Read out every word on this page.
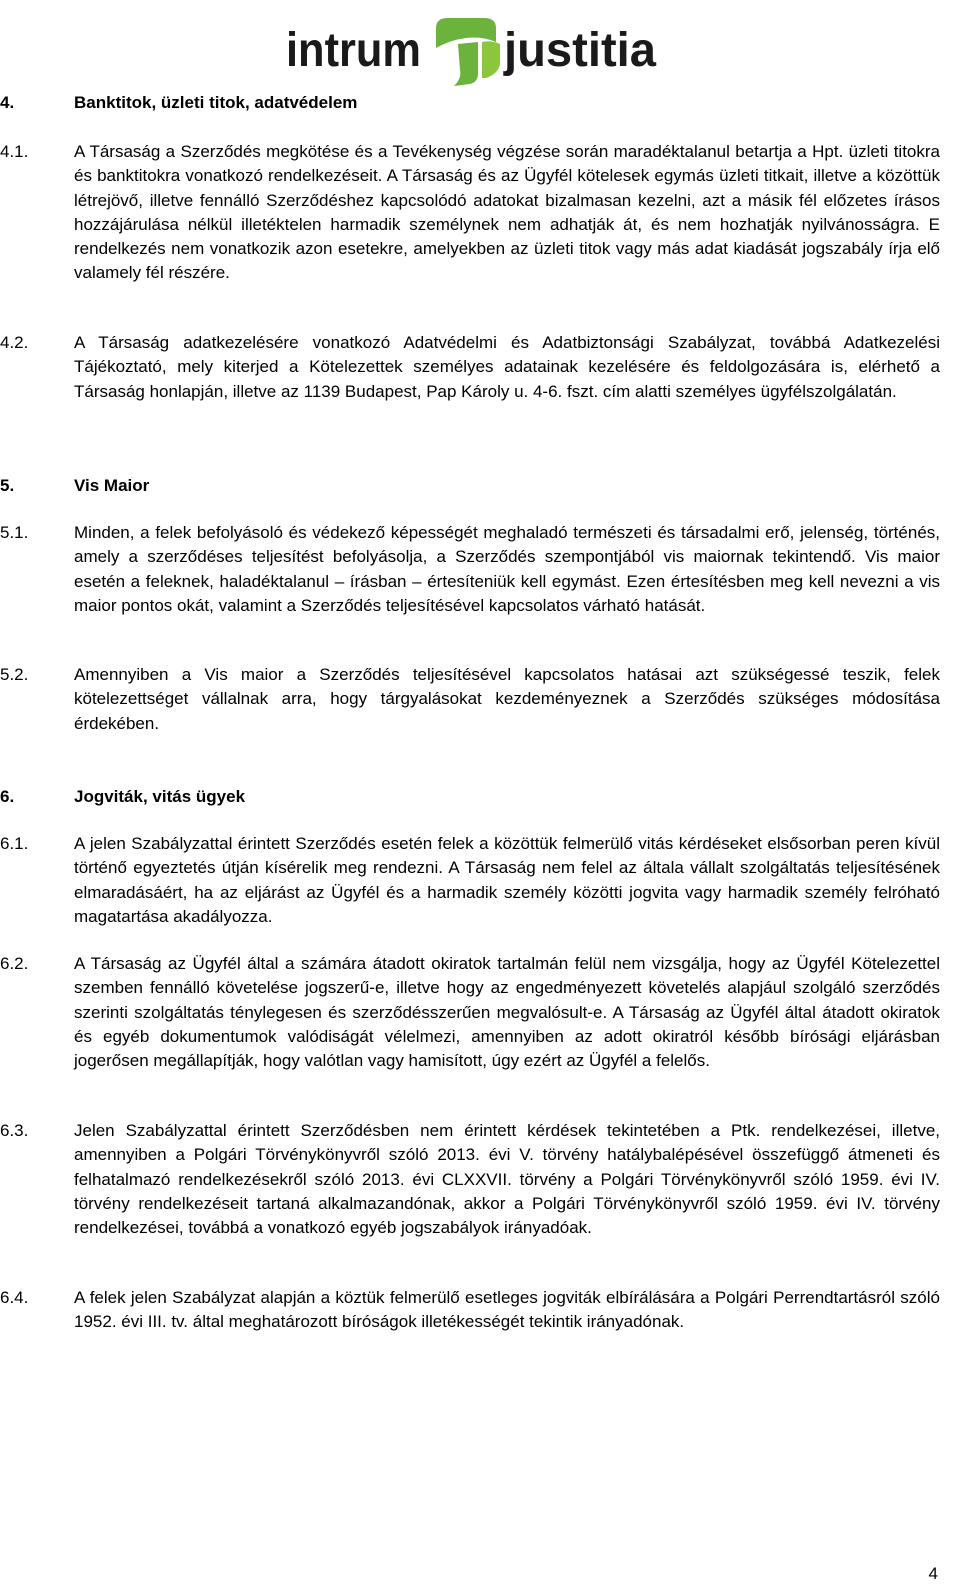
intrum justitia
4.	Banktitok, üzleti titok, adatvédelem
4.1.	A Társaság a Szerződés megkötése és a Tevékenység végzése során maradéktalanul betartja a Hpt. üzleti titokra és banktitokra vonatkozó rendelkezéseit. A Társaság és az Ügyfél kötelesek egymás üzleti titkait, illetve a közöttük létrejövő, illetve fennálló Szerződéshez kapcsolódó adatokat bizalmasan kezelni, azt a másik fél előzetes írásos hozzájárulása nélkül illetéktelen harmadik személynek nem adhatják át, és nem hozhatják nyilvánosságra. E rendelkezés nem vonatkozik azon esetekre, amelyekben az üzleti titok vagy más adat kiadását jogszabály írja elő valamely fél részére.
4.2.	A Társaság adatkezelésére vonatkozó Adatvédelmi és Adatbiztonsági Szabályzat, továbbá Adatkezelési Tájékoztató, mely kiterjed a Kötelezettek személyes adatainak kezelésére és feldolgozására is, elérhető a Társaság honlapján, illetve az 1139 Budapest, Pap Károly u. 4-6. fszt. cím alatti személyes ügyfélszolgálatán.
5.	Vis Maior
5.1.	Minden, a felek befolyásoló és védekező képességét meghaladó természeti és társadalmi erő, jelenség, történés, amely a szerződéses teljesítést befolyásolja, a Szerződés szempontjából vis maiornak tekintendő. Vis maior esetén a feleknek, haladéktalanul – írásban – értesíteniük kell egymást. Ezen értesítésben meg kell nevezni a vis maior pontos okát, valamint a Szerződés teljesítésével kapcsolatos várható hatását.
5.2.	Amennyiben a Vis maior a Szerződés teljesítésével kapcsolatos hatásai azt szükségessé teszik, felek kötelezettséget vállalnak arra, hogy tárgyalásokat kezdeményeznek a Szerződés szükséges módosítása érdekében.
6.	Jogviták, vitás ügyek
6.1.	A jelen Szabályzattal érintett Szerződés esetén felek a közöttük felmerülő vitás kérdéseket elsősorban peren kívül történő egyeztetés útján kísérelik meg rendezni. A Társaság nem felel az általa vállalt szolgáltatás teljesítésének elmaradásáért, ha az eljárást az Ügyfél és a harmadik személy közötti jogvita vagy harmadik személy felróható magatartása akadályozza.
6.2.	A Társaság az Ügyfél által a számára átadott okiratok tartalmán felül nem vizsgálja, hogy az Ügyfél Kötelezettel szemben fennálló követelése jogszerű-e, illetve hogy az engedményezett követelés alapjául szolgáló szerződés szerinti szolgáltatás ténylegesen és szerződésszerűen megvalósult-e. A Társaság az Ügyfél által átadott okiratok és egyéb dokumentumok valódiságát vélelmezi, amennyiben az adott okiratról később bírósági eljárásban jogerősen megállapítják, hogy valótlan vagy hamisított, úgy ezért az Ügyfél a felelős.
6.3.	Jelen Szabályzattal érintett Szerződésben nem érintett kérdések tekintetében a Ptk. rendelkezései, illetve, amennyiben a Polgári Törvénykönyvről szóló 2013. évi V. törvény hatálybalépésével összefüggő átmeneti és felhatalmazó rendelkezésekről szóló 2013. évi CLXXVII. törvény a Polgári Törvénykönyvről szóló 1959. évi IV. törvény rendelkezéseit tartaná alkalmazandónak, akkor a Polgári Törvénykönyvről szóló 1959. évi IV. törvény rendelkezései, továbbá a vonatkozó egyéb jogszabályok irányadóak.
6.4.	A felek jelen Szabályzat alapján a köztük felmerülő esetleges jogviták elbírálására a Polgári Perrendtartásról szóló 1952. évi III. tv. által meghatározott bíróságok illetékességét tekintik irányadónak.
4
